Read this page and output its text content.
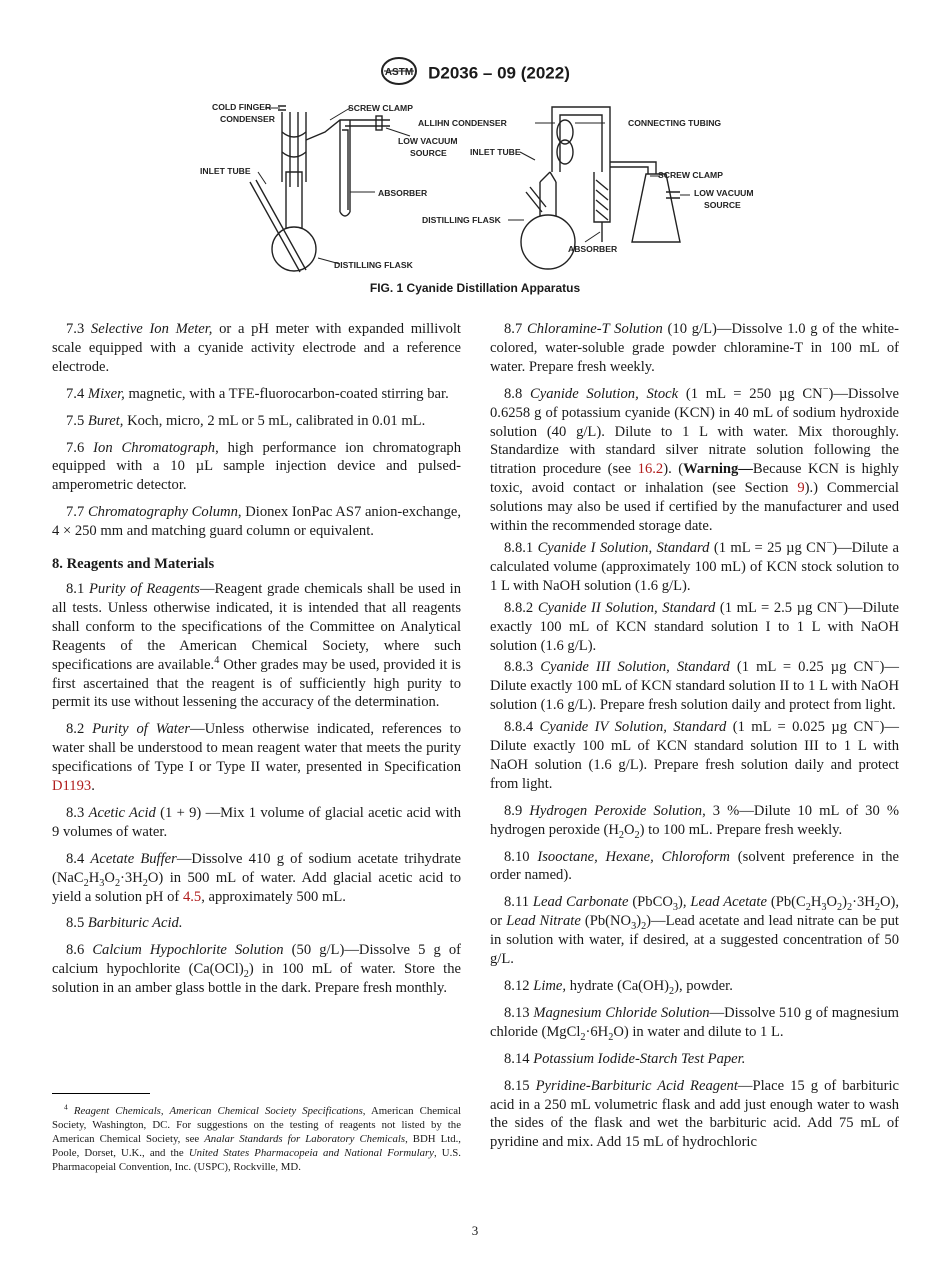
ASTM D2036 – 09 (2022)
COLD FINGER
CONDENSER
SCREW CLAMP
LOW VACUUM
SOURCE
INLET TUBE
ABSORBER
DISTILLING FLASK
ALLIHN CONDENSER	CONNECTING TUBING
INLET TUBE
SCREW CLAMP
LOW VACUUM
SOURCE
DISTILLING FLASK
ABSORBER
FIG. 1 Cyanide Distillation Apparatus

7.3 Selective Ion Meter, or a pH meter with expanded millivolt scale equipped with a cyanide activity electrode and a reference electrode.

7.4 Mixer, magnetic, with a TFE-fluorocarbon-coated stirring bar.

7.5 Buret, Koch, micro, 2 mL or 5 mL, calibrated in 0.01 mL.

7.6 Ion Chromatograph, high performance ion chromatograph equipped with a 10 µL sample injection device and pulsed-amperometric detector.

7.7 Chromatography Column, Dionex IonPac AS7 anion-exchange, 4 × 250 mm and matching guard column or equivalent.

8. Reagents and Materials

8.1 Purity of Reagents—Reagent grade chemicals shall be used in all tests. Unless otherwise indicated, it is intended that all reagents shall conform to the specifications of the Committee on Analytical Reagents of the American Chemical Society, where such specifications are available.$^4$ Other grades may be used, provided it is first ascertained that the reagent is of sufficiently high purity to permit its use without lessening the accuracy of the determination.

8.2 Purity of Water—Unless otherwise indicated, references to water shall be understood to mean reagent water that meets the purity specifications of Type I or Type II water, presented in Specification D1193.

8.3 Acetic Acid (1 + 9) —Mix 1 volume of glacial acetic acid with 9 volumes of water.

8.4 Acetate Buffer—Dissolve 410 g of sodium acetate trihydrate $(NaC_2H_3O_2\cdot 3H_2O)$ in 500 mL of water. Add glacial acetic acid to yield a solution pH of 4.5, approximately 500 mL.

8.5 Barbituric Acid.

8.6 Calcium Hypochlorite Solution (50 g/L)—Dissolve 5 g of calcium hypochlorite $(Ca(OCl)_2)$ in 100 mL of water. Store the solution in an amber glass bottle in the dark. Prepare fresh monthly.

$^4$ Reagent Chemicals, American Chemical Society Specifications, American Chemical Society, Washington, DC. For suggestions on the testing of reagents not listed by the American Chemical Society, see Analar Standards for Laboratory Chemicals, BDH Ltd., Poole, Dorset, U.K., and the United States Pharmacopeia and National Formulary, U.S. Pharmacopeial Convention, Inc. (USPC), Rockville, MD.

8.7 Chloramine-T Solution (10 g/L)—Dissolve 1.0 g of the white-colored, water-soluble grade powder chloramine-T in 100 mL of water. Prepare fresh weekly.

8.8 Cyanide Solution, Stock (1 mL = 250 µg CN−)—Dissolve 0.6258 g of potassium cyanide (KCN) in 40 mL of sodium hydroxide solution (40 g/L). Dilute to 1 L with water. Mix thoroughly. Standardize with standard silver nitrate solution following the titration procedure (see 16.2). (Warning—Because KCN is highly toxic, avoid contact or inhalation (see Section 9).) Commercial solutions may also be used if certified by the manufacturer and used within the recommended storage date.

8.8.1 Cyanide I Solution, Standard (1 mL = 25 µg CN−)—Dilute a calculated volume (approximately 100 mL) of KCN stock solution to 1 L with NaOH solution (1.6 g/L).

8.8.2 Cyanide II Solution, Standard (1 mL = 2.5 µg CN−)—Dilute exactly 100 mL of KCN standard solution I to 1 L with NaOH solution (1.6 g/L).

8.8.3 Cyanide III Solution, Standard (1 mL = 0.25 µg CN−)—Dilute exactly 100 mL of KCN standard solution II to 1 L with NaOH solution (1.6 g/L). Prepare fresh solution daily and protect from light.

8.8.4 Cyanide IV Solution, Standard (1 mL = 0.025 µg CN−)—Dilute exactly 100 mL of KCN standard solution III to 1 L with NaOH solution (1.6 g/L). Prepare fresh solution daily and protect from light.

8.9 Hydrogen Peroxide Solution, 3 %—Dilute 10 mL of 30 % hydrogen peroxide $(H_2O_2)$ to 100 mL. Prepare fresh weekly.

8.10 Isooctane, Hexane, Chloroform (solvent preference in the order named).

8.11 Lead Carbonate (PbCO$_3$), Lead Acetate $(Pb(C_2H_3O_2)_2\cdot 3H_2O)$, or Lead Nitrate $(Pb(NO_3)_2)—Lead$ acetate and lead nitrate can be put in solution with water, if desired, at a suggested concentration of 50 g/L.

8.12 Lime, hydrate $(Ca(OH)_2)$, powder.

8.13 Magnesium Chloride Solution—Dissolve 510 g of magnesium chloride $(MgCl_2\cdot 6H_2O)$ in water and dilute to 1 L.

8.14 Potassium Iodide-Starch Test Paper.

8.15 Pyridine-Barbituric Acid Reagent—Place 15 g of barbituric acid in a 250 mL volumetric flask and add just enough water to wash the sides of the flask and wet the barbituric acid. Add 75 mL of pyridine and mix. Add 15 mL of hydrochloric

3
